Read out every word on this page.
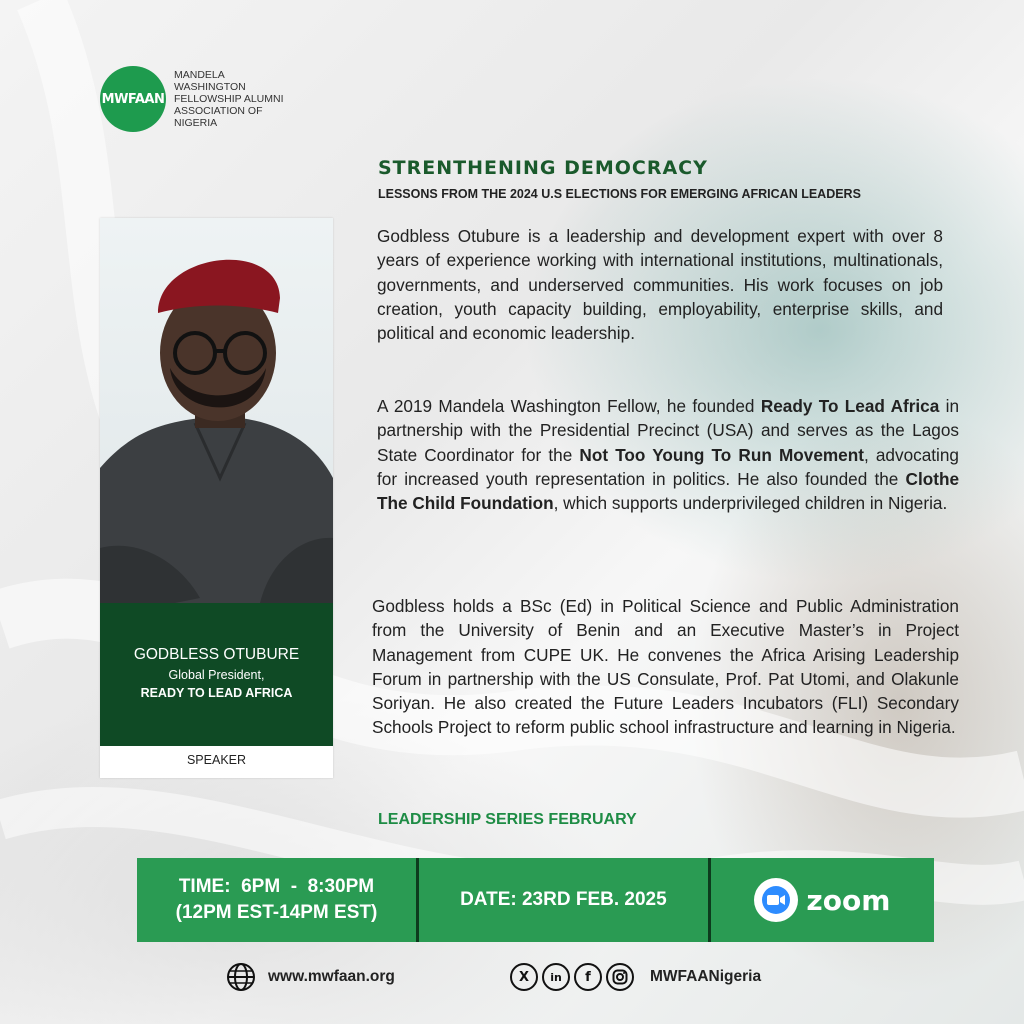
MWFAAN
MANDELA
WASHINGTON
FELLOWSHIP ALUMNI
ASSOCIATION OF
NIGERIA
STRENTHENING DEMOCRACY
LESSONS FROM THE 2024 U.S ELECTIONS FOR EMERGING AFRICAN LEADERS
GODBLESS OTUBURE
Global President,
READY TO LEAD AFRICA
SPEAKER

Godbless Otubure is a leadership and development expert with over 8 years of experience working with international institutions, multinationals, governments, and underserved communities. His work focuses on job creation, youth capacity building, employability, enterprise skills, and political and economic leadership.

A 2019 Mandela Washington Fellow, he founded Ready To Lead Africa in partnership with the Presidential Precinct (USA) and serves as the Lagos State Coordinator for the Not Too Young To Run Movement, advocating for increased youth representation in politics. He also founded the Clothe The Child Foundation, which supports underprivileged children in Nigeria.

Godbless holds a BSc (Ed) in Political Science and Public Administration from the University of Benin and an Executive Master’s in Project Management from CUPE UK. He convenes the Africa Arising Leadership Forum in partnership with the US Consulate, Prof. Pat Utomi, and Olakunle Soriyan. He also created the Future Leaders Incubators (FLI) Secondary Schools Project to reform public school infrastructure and learning in Nigeria.

LEADERSHIP SERIES FEBRUARY
TIME:  6PM  -  8:30PM
(12PM EST-14PM EST)
DATE: 23RD FEB. 2025	zoom
www.mwfaan.org	X	in	f	MWFAANigeria
